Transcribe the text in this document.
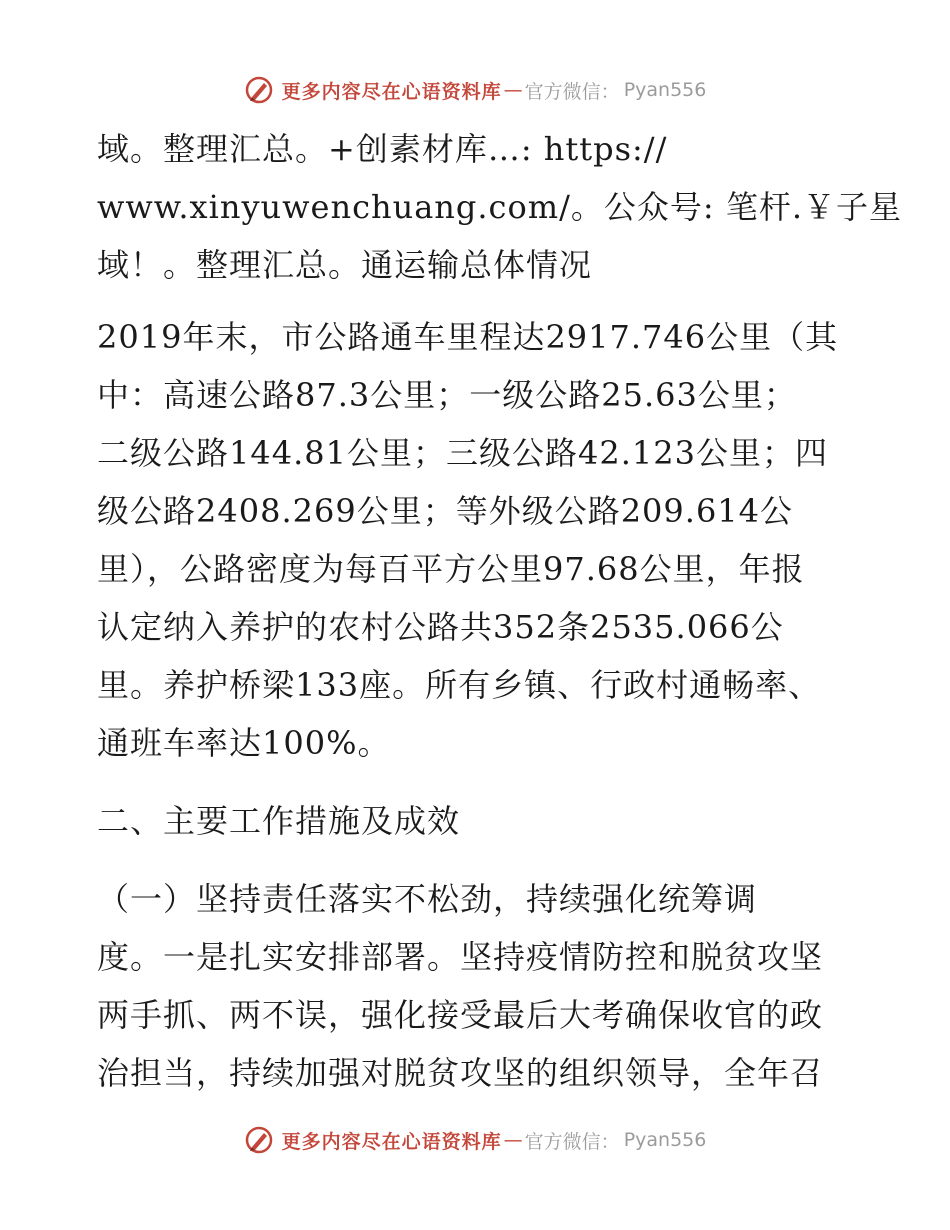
更多内容尽在心语资料库 — 官方微信： Pyan556
域。整理汇总。+创素材库…: https://
www.xinyuwenchuang.com/。公众号: 笔杆.￥子星
域！。整理汇总。通运输总体情况
2019年末，市公路通车里程达2917.746公里（其
中：高速公路87.3公里；一级公路25.63公里；
二级公路144.81公里；三级公路42.123公里；四
级公路2408.269公里；等外级公路209.614公
里），公路密度为每百平方公里97.68公里，年报
认定纳入养护的农村公路共352条2535.066公
里。养护桥梁133座。所有乡镇、行政村通畅率、
通班车率达100%。
二、主要工作措施及成效
（一）坚持责任落实不松劲，持续强化统筹调
度。一是扎实安排部署。坚持疫情防控和脱贫攻坚
两手抓、两不误，强化接受最后大考确保收官的政
治担当，持续加强对脱贫攻坚的组织领导，全年召
更多内容尽在心语资料库 — 官方微信： Pyan556
